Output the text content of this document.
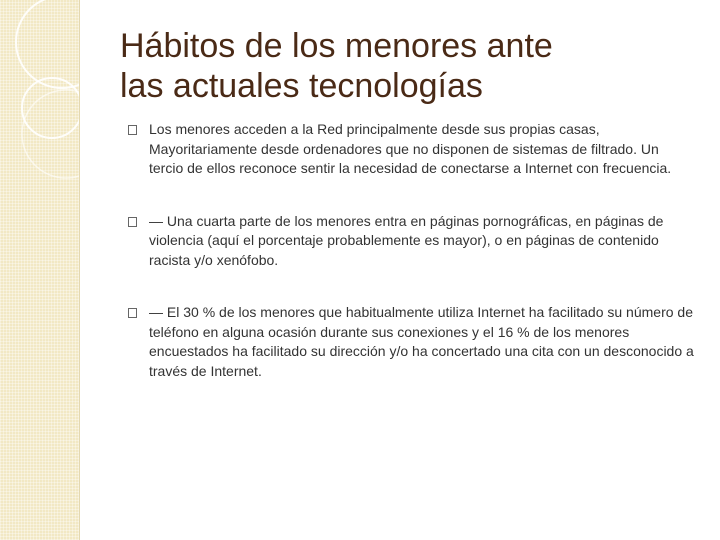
Hábitos de los menores ante
las actuales tecnologías
Los menores acceden a la Red principalmente desde sus propias casas, Mayoritariamente desde ordenadores que no disponen de sistemas de filtrado. Un tercio de ellos reconoce sentir la necesidad de conectarse a Internet con frecuencia.
— Una cuarta parte de los menores entra en páginas pornográficas, en páginas de violencia (aquí el porcentaje probablemente es mayor), o en páginas de contenido racista y/o xenófobo.
— El 30 % de los menores que habitualmente utiliza Internet ha facilitado su número de teléfono en alguna ocasión durante sus conexiones y el 16 % de los menores encuestados ha facilitado su dirección y/o ha concertado una cita con un desconocido a través de Internet.
